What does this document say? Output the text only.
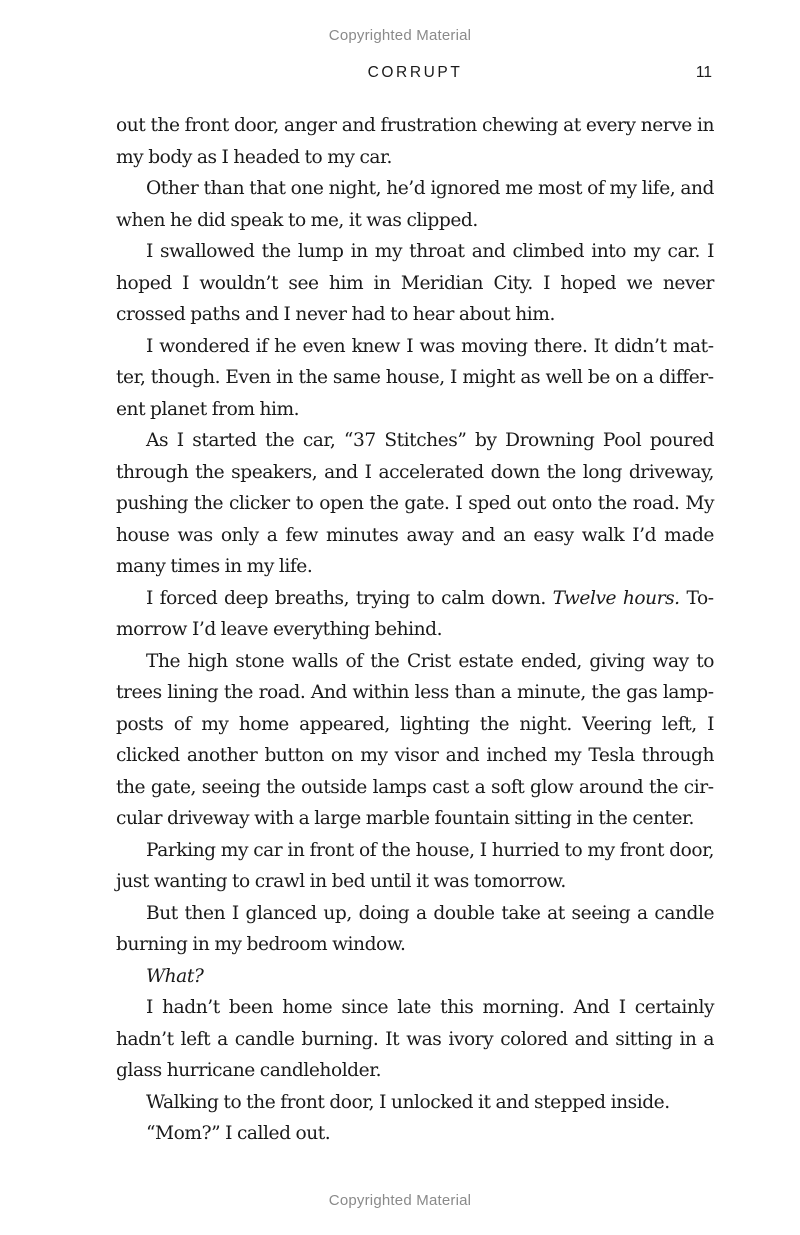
Copyrighted Material
CORRUPT	11

out the front door, anger and frustration chewing at every nerve in my body as I headed to my car.

Other than that one night, he’d ignored me most of my life, and when he did speak to me, it was clipped.

I swallowed the lump in my throat and climbed into my car. I hoped I wouldn’t see him in Meridian City. I hoped we never crossed paths and I never had to hear about him.

I wondered if he even knew I was moving there. It didn’t matter, though. Even in the same house, I might as well be on a different planet from him.

As I started the car, “37 Stitches” by Drowning Pool poured through the speakers, and I accelerated down the long driveway, pushing the clicker to open the gate. I sped out onto the road. My house was only a few minutes away and an easy walk I’d made many times in my life.

I forced deep breaths, trying to calm down. Twelve hours. Tomorrow I’d leave everything behind.

The high stone walls of the Crist estate ended, giving way to trees lining the road. And within less than a minute, the gas lampposts of my home appeared, lighting the night. Veering left, I clicked another button on my visor and inched my Tesla through the gate, seeing the outside lamps cast a soft glow around the circular driveway with a large marble fountain sitting in the center.

Parking my car in front of the house, I hurried to my front door, just wanting to crawl in bed until it was tomorrow.

But then I glanced up, doing a double take at seeing a candle burning in my bedroom window.

What?

I hadn’t been home since late this morning. And I certainly hadn’t left a candle burning. It was ivory colored and sitting in a glass hurricane candleholder.

Walking to the front door, I unlocked it and stepped inside.

“Mom?” I called out.

Copyrighted Material
